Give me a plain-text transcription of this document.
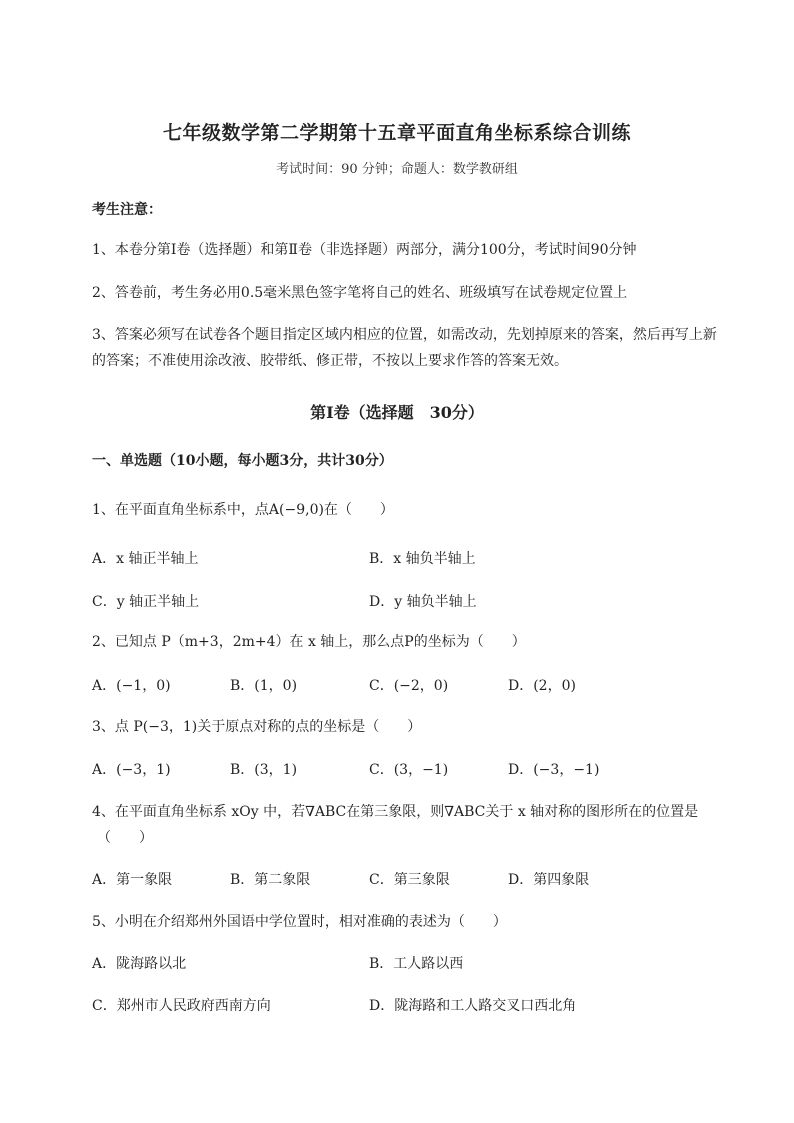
七年级数学第二学期第十五章平面直角坐标系综合训练
考试时间：90 分钟；命题人：数学教研组
考生注意：
1、本卷分第Ⅰ卷（选择题）和第Ⅱ卷（非选择题）两部分，满分100分，考试时间90分钟
2、答卷前，考生务必用0.5毫米黑色签字笔将自己的姓名、班级填写在试卷规定位置上
3、答案必须写在试卷各个题目指定区域内相应的位置，如需改动，先划掉原来的答案，然后再写上新
的答案；不准使用涂改液、胶带纸、修正带，不按以上要求作答的答案无效。
第Ⅰ卷（选择题　30分）
一、单选题（10小题，每小题3分，共计30分）
1、在平面直角坐标系中，点A(−9,0)在（　　）
A．x 轴正半轴上	B．x 轴负半轴上
C．y 轴正半轴上	D．y 轴负半轴上
2、已知点 P（m+3，2m+4）在 x 轴上，那么点P的坐标为（　　）
A．(−1，0)	B．(1，0)	C．(−2，0)	D．(2，0)
3、点 P(−3，1)关于原点对称的点的坐标是（　　）
A．(−3，1)	B．(3，1)	C．(3，−1)	D．(−3，−1)
4、在平面直角坐标系 xOy 中，若∇ABC在第三象限，则∇ABC关于 x 轴对称的图形所在的位置是
（　　）
A．第一象限	B．第二象限	C．第三象限	D．第四象限
5、小明在介绍郑州外国语中学位置时，相对准确的表述为（　　）
A．陇海路以北	B．工人路以西
C．郑州市人民政府西南方向	D．陇海路和工人路交叉口西北角
